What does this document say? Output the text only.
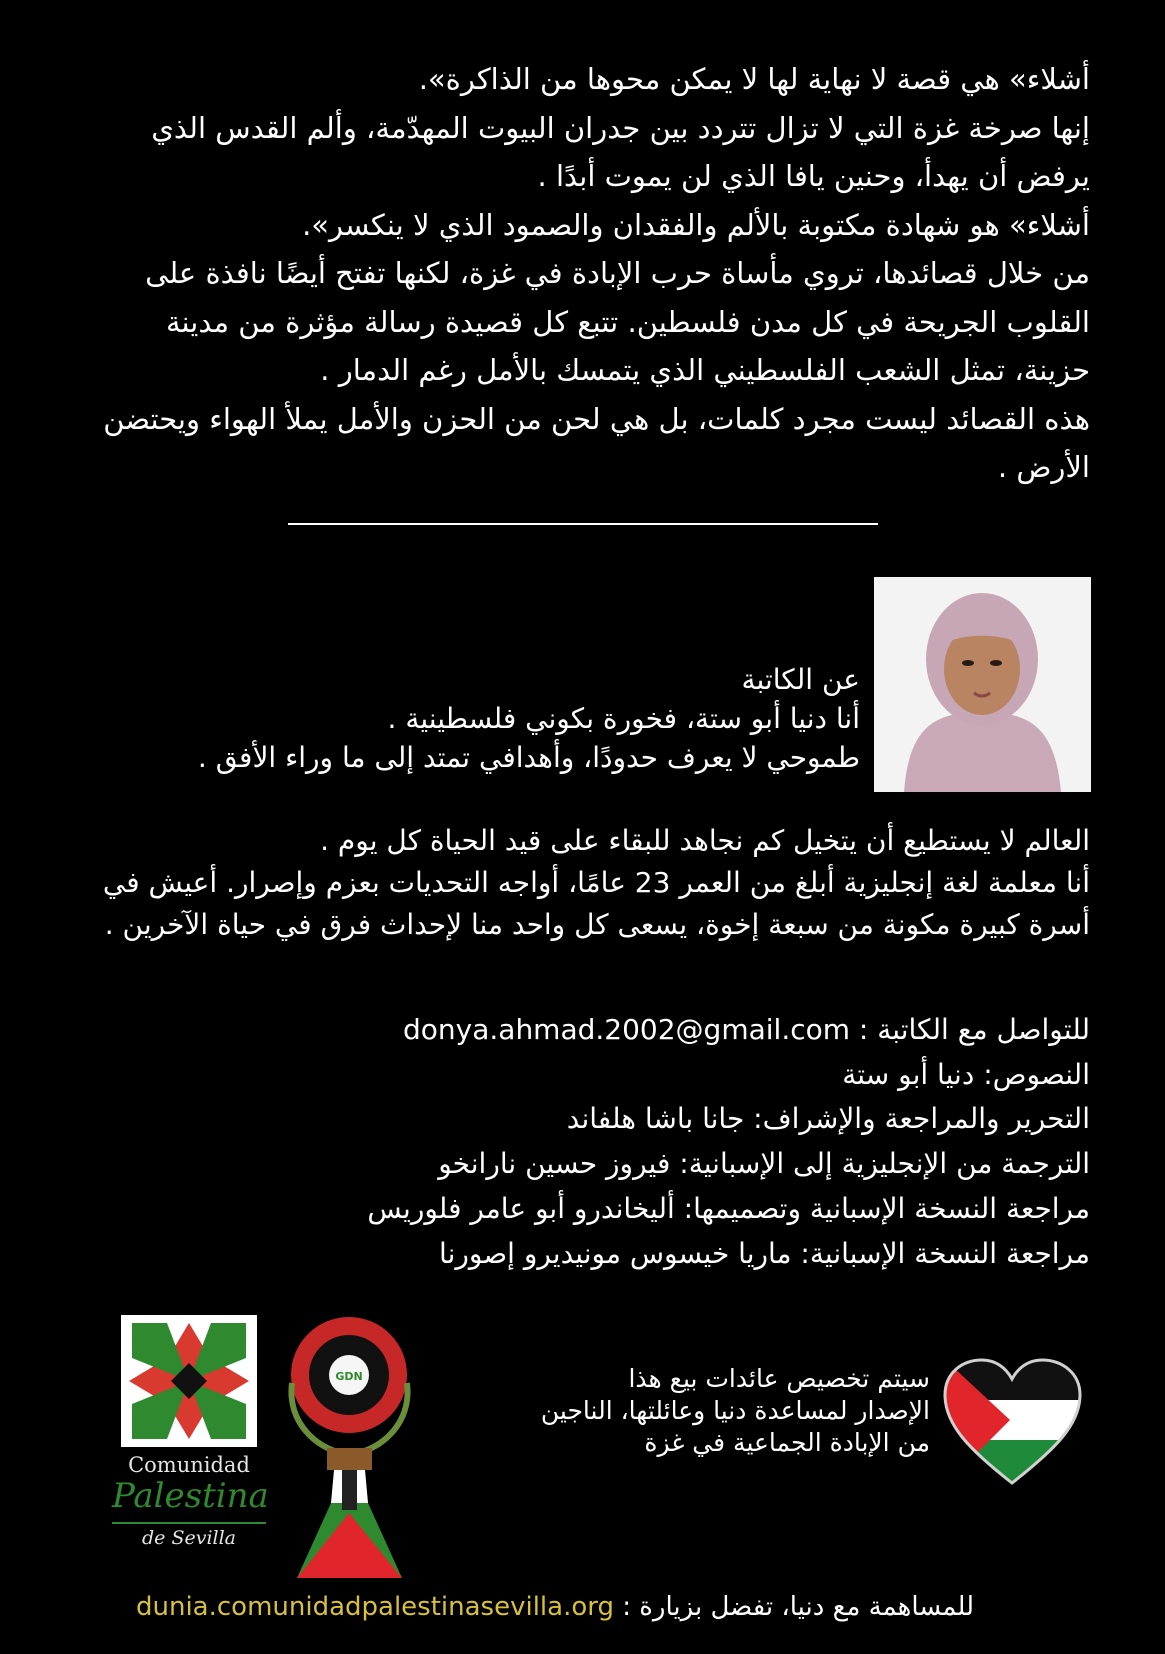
أشلاء» هي قصة لا نهاية لها لا يمكن محوها من الذاكرة».

إنها صرخة غزة التي لا تزال تتردد بين جدران البيوت المهدّمة، وألم القدس الذي يرفض أن يهدأ، وحنين يافا الذي لن يموت أبدًا .

أشلاء» هو شهادة مكتوبة بالألم والفقدان والصمود الذي لا ينكسر».

من خلال قصائدها، تروي مأساة حرب الإبادة في غزة، لكنها تفتح أيضًا نافذة على القلوب الجريحة في كل مدن فلسطين. تتبع كل قصيدة رسالة مؤثرة من مدينة حزينة، تمثل الشعب الفلسطيني الذي يتمسك بالأمل رغم الدمار .

هذه القصائد ليست مجرد كلمات، بل هي لحن من الحزن والأمل يملأ الهواء ويحتضن الأرض .

عن الكاتبة

أنا دنيا أبو ستة، فخورة بكوني فلسطينية .

طموحي لا يعرف حدودًا، وأهدافي تمتد إلى ما وراء الأفق .

العالم لا يستطيع أن يتخيل كم نجاهد للبقاء على قيد الحياة كل يوم .

أنا معلمة لغة إنجليزية أبلغ من العمر 23 عامًا، أواجه التحديات بعزم وإصرار. أعيش في أسرة كبيرة مكونة من سبعة إخوة، يسعى كل واحد منا لإحداث فرق في حياة الآخرين .

للتواصل مع الكاتبة : donya.ahmad.2002@gmail.com

النصوص: دنيا أبو ستة

التحرير والمراجعة والإشراف: جانا باشا هلفاند

الترجمة من الإنجليزية إلى الإسبانية: فيروز حسين نارانخو

مراجعة النسخة الإسبانية وتصميمها: أليخاندرو أبو عامر فلوريس

مراجعة النسخة الإسبانية: ماريا خيسوس مونيديرو إصورنا

Comunidad
Palestina
de Sevilla
GDN	سيتم تخصيص عائدات بيع هذا

الإصدار لمساعدة دنيا وعائلتها، الناجين

من الإبادة الجماعية في غزة

للمساهمة مع دنيا، تفضل بزيارة : dunia.comunidadpalestinasevilla.org
